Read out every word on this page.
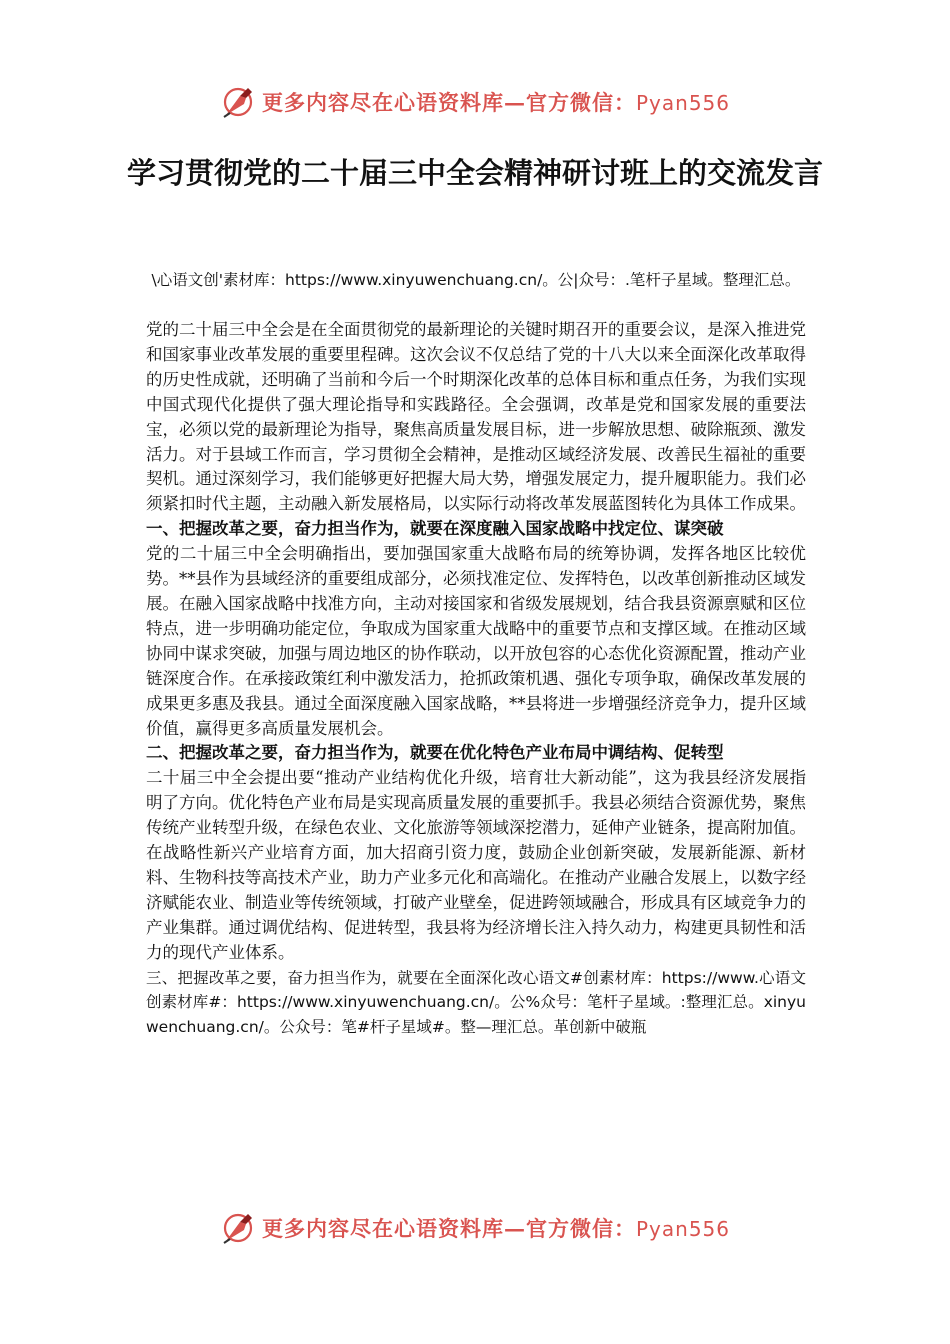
更多内容尽在心语资料库—官方微信：Pyan556
学习贯彻党的二十届三中全会精神研讨班上的交流发言
\心语文创'素材库：https://www.xinyuwenchuang.cn/。公|众号：.笔杆子星域。整理汇总。

党的二十届三中全会是在全面贯彻党的最新理论的关键时期召开的重要会议，是深入推进党和国家事业改革发展的重要里程碑。这次会议不仅总结了党的十八大以来全面深化改革取得的历史性成就，还明确了当前和今后一个时期深化改革的总体目标和重点任务，为我们实现中国式现代化提供了强大理论指导和实践路径。全会强调，改革是党和国家发展的重要法宝，必须以党的最新理论为指导，聚焦高质量发展目标，进一步解放思想、破除瓶颈、激发活力。对于县域工作而言，学习贯彻全会精神，是推动区域经济发展、改善民生福祉的重要契机。通过深刻学习，我们能够更好把握大局大势，增强发展定力，提升履职能力。我们必须紧扣时代主题，主动融入新发展格局，以实际行动将改革发展蓝图转化为具体工作成果。

一、把握改革之要，奋力担当作为，就要在深度融入国家战略中找定位、谋突破

党的二十届三中全会明确指出，要加强国家重大战略布局的统筹协调，发挥各地区比较优势。**县作为县域经济的重要组成部分，必须找准定位、发挥特色，以改革创新推动区域发展。在融入国家战略中找准方向，主动对接国家和省级发展规划，结合我县资源禀赋和区位特点，进一步明确功能定位，争取成为国家重大战略中的重要节点和支撑区域。在推动区域协同中谋求突破，加强与周边地区的协作联动，以开放包容的心态优化资源配置，推动产业链深度合作。在承接政策红利中激发活力，抢抓政策机遇、强化专项争取，确保改革发展的成果更多惠及我县。通过全面深度融入国家战略，**县将进一步增强经济竞争力，提升区域价值，赢得更多高质量发展机会。

二、把握改革之要，奋力担当作为，就要在优化特色产业布局中调结构、促转型

二十届三中全会提出要“推动产业结构优化升级，培育壮大新动能”，这为我县经济发展指明了方向。优化特色产业布局是实现高质量发展的重要抓手。我县必须结合资源优势，聚焦传统产业转型升级，在绿色农业、文化旅游等领域深挖潜力，延伸产业链条，提高附加值。在战略性新兴产业培育方面，加大招商引资力度，鼓励企业创新突破，发展新能源、新材料、生物科技等高技术产业，助力产业多元化和高端化。在推动产业融合发展上，以数字经济赋能农业、制造业等传统领域，打破产业壁垒，促进跨领域融合，形成具有区域竞争力的产业集群。通过调优结构、促进转型，我县将为经济增长注入持久动力，构建更具韧性和活力的现代产业体系。

三、把握改革之要，奋力担当作为，就要在全面深化改心语文#创素材库：https://www.心语文创素材库#：https://www.xinyuwenchuang.cn/。公%众号：笔杆子星域。:整理汇总。xinyuwenchuang.cn/。公众号：笔#杆子星域#。整—理汇总。革创新中破瓶

更多内容尽在心语资料库—官方微信：Pyan556
